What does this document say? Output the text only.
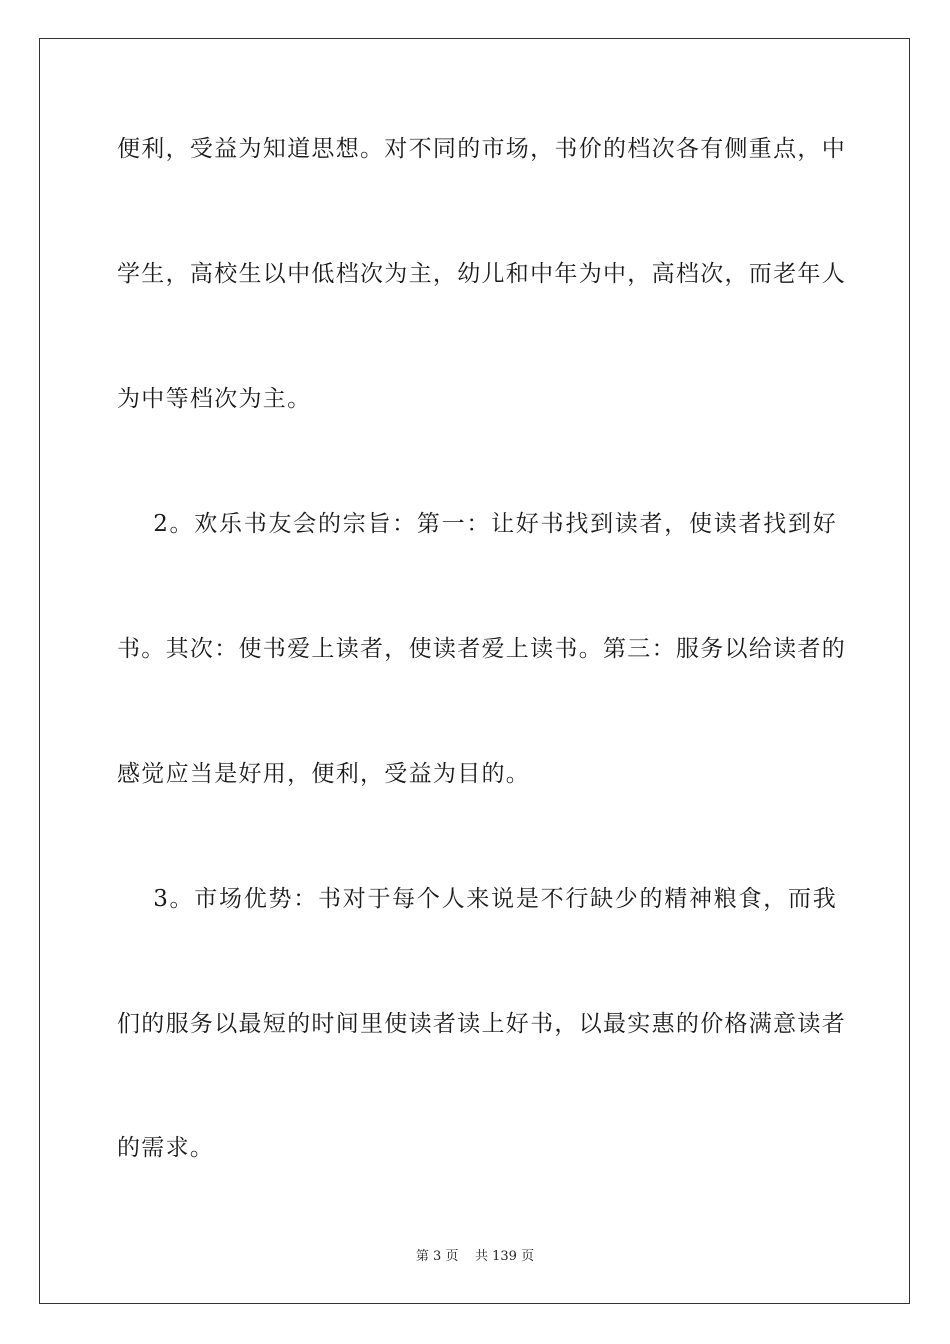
便利，受益为知道思想。对不同的市场，书价的档次各有侧重点，中
学生，高校生以中低档次为主，幼儿和中年为中，高档次，而老年人
为中等档次为主。
2。欢乐书友会的宗旨：第一：让好书找到读者，使读者找到好
书。其次：使书爱上读者，使读者爱上读书。第三：服务以给读者的
感觉应当是好用，便利，受益为目的。
3。市场优势：书对于每个人来说是不行缺少的精神粮食，而我
们的服务以最短的时间里使读者读上好书，以最实惠的价格满意读者
的需求。
第 3 页 共 139 页
